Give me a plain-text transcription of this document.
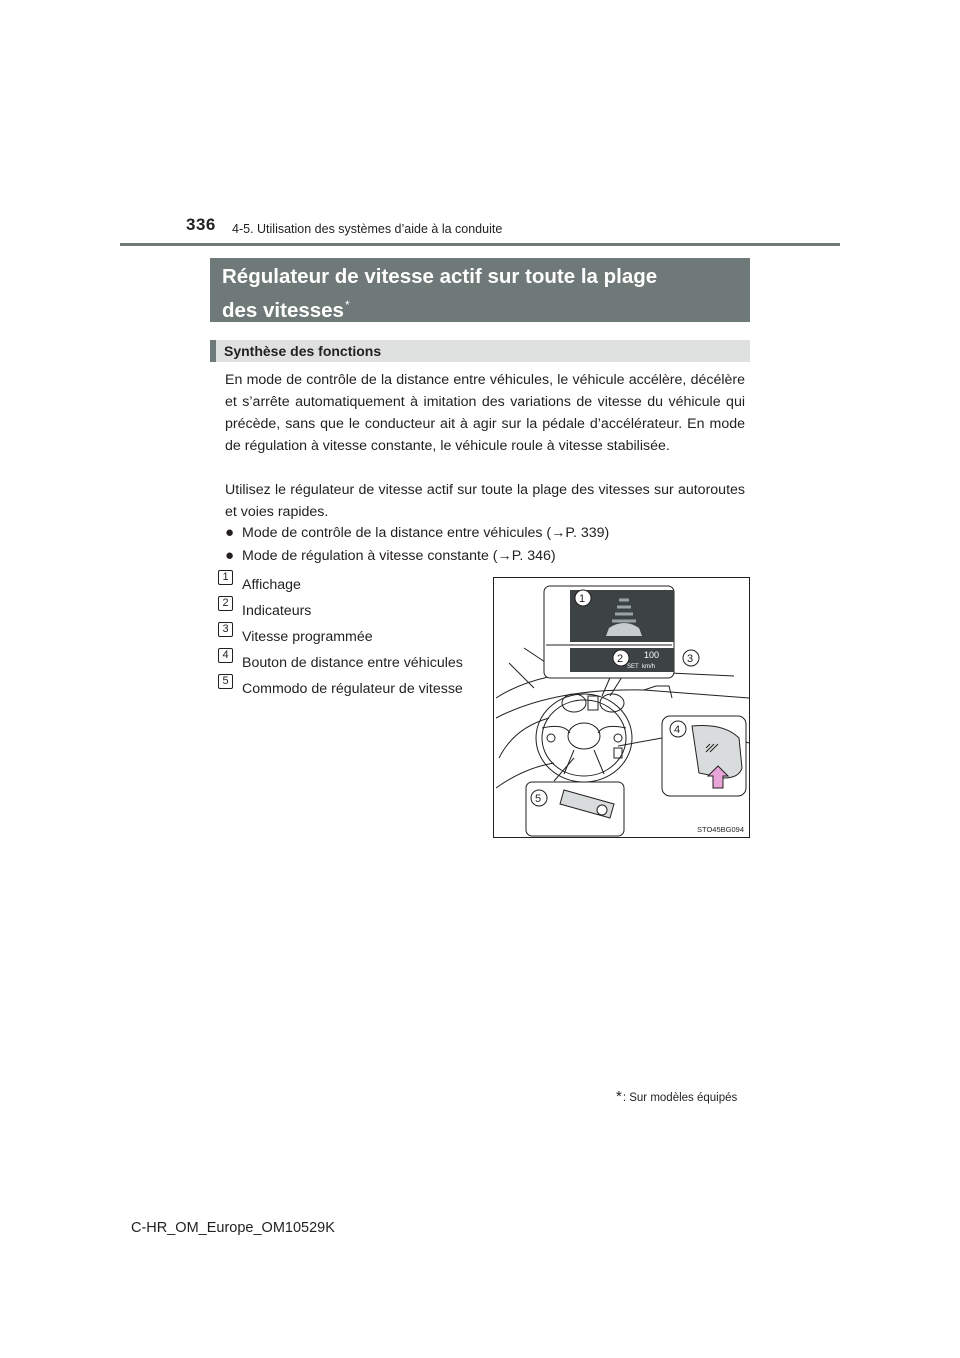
336 4-5. Utilisation des systèmes d’aide à la conduite
Régulateur de vitesse actif sur toute la plage
des vitesses*
Synthèse des fonctions

En mode de contrôle de la distance entre véhicules, le véhicule accélère, décélère et s’arrête automatiquement à imitation des variations de vitesse du véhicule qui précède, sans que le conducteur ait à agir sur la pédale d’accélérateur. En mode de régulation à vitesse constante, le véhicule roule à vitesse stabilisée.

Utilisez le régulateur de vitesse actif sur toute la plage des vitesses sur autoroutes et voies rapides.

● Mode de contrôle de la distance entre véhicules (→P. 339)
● Mode de régulation à vitesse constante (→P. 346)
1 Affichage
2 Indicateurs
3 Vitesse programmée
4 Bouton de distance entre véhicules
5 Commodo de régulateur de vitesse
100
SET km/h
1
2	3
4
5
STO45BG094
*: Sur modèles équipés
C-HR_OM_Europe_OM10529K
